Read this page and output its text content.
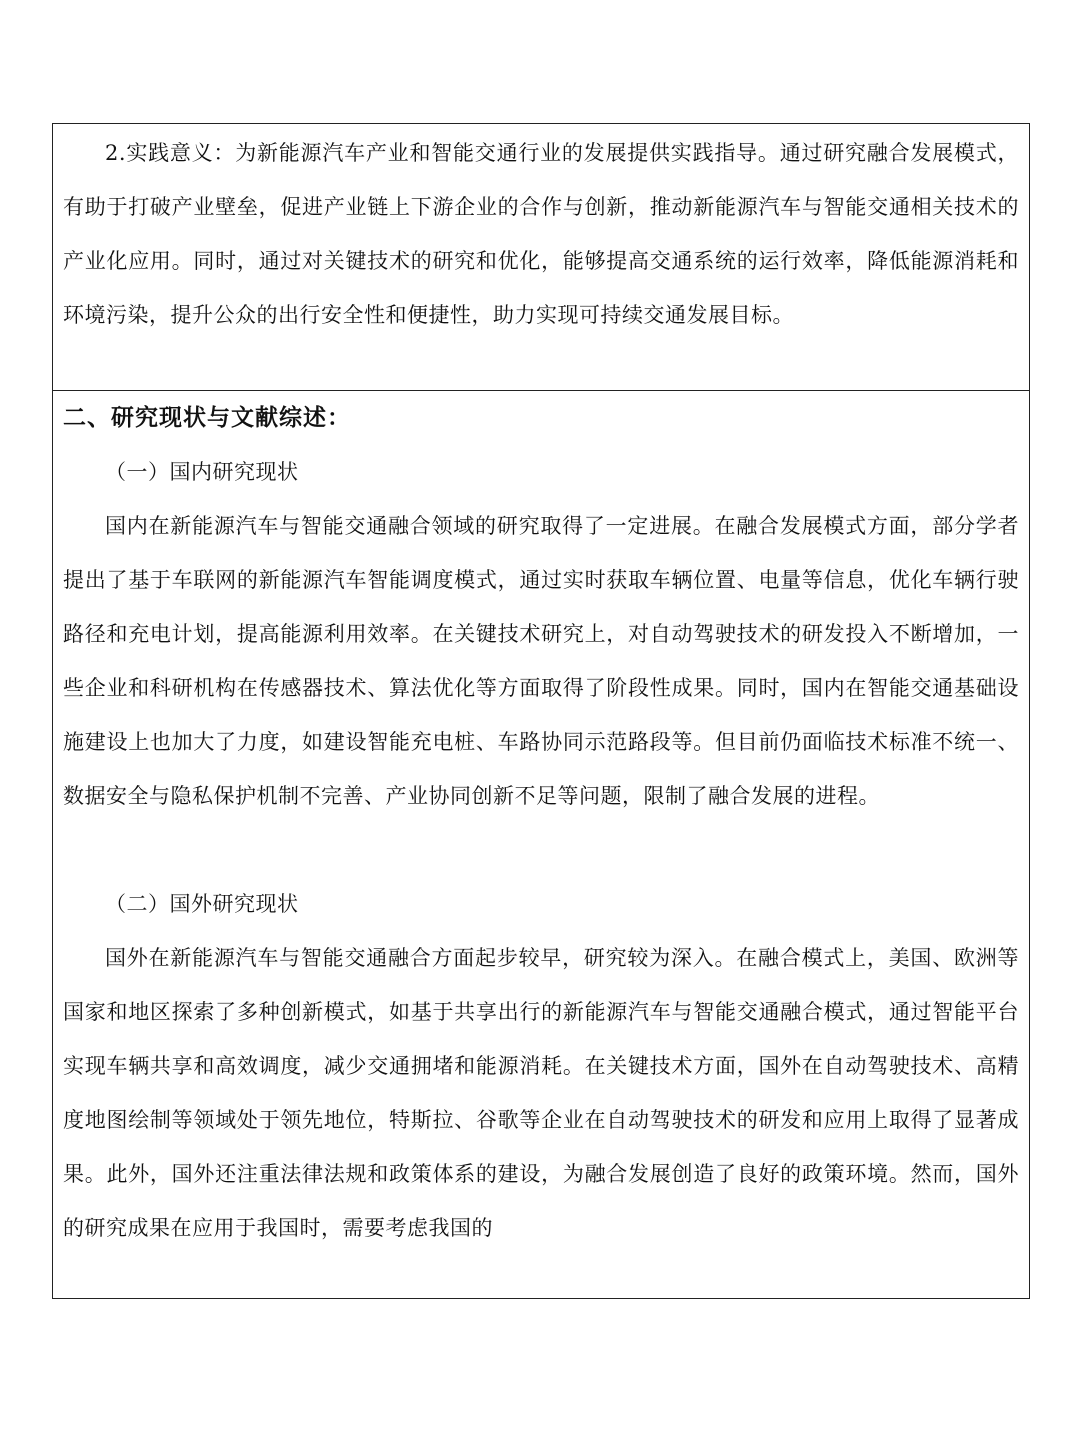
2.实践意义：为新能源汽车产业和智能交通行业的发展提供实践指导。通过研究融合发展模式，有助于打破产业壁垒，促进产业链上下游企业的合作与创新，推动新能源汽车与智能交通相关技术的产业化应用。同时，通过对关键技术的研究和优化，能够提高交通系统的运行效率，降低能源消耗和环境污染，提升公众的出行安全性和便捷性，助力实现可持续交通发展目标。

二、研究现状与文献综述：

（一）国内研究现状

国内在新能源汽车与智能交通融合领域的研究取得了一定进展。在融合发展模式方面，部分学者提出了基于车联网的新能源汽车智能调度模式，通过实时获取车辆位置、电量等信息，优化车辆行驶路径和充电计划，提高能源利用效率。在关键技术研究上，对自动驾驶技术的研发投入不断增加，一些企业和科研机构在传感器技术、算法优化等方面取得了阶段性成果。同时，国内在智能交通基础设施建设上也加大了力度，如建设智能充电桩、车路协同示范路段等。但目前仍面临技术标准不统一、数据安全与隐私保护机制不完善、产业协同创新不足等问题，限制了融合发展的进程。

（二）国外研究现状

国外在新能源汽车与智能交通融合方面起步较早，研究较为深入。在融合模式上，美国、欧洲等国家和地区探索了多种创新模式，如基于共享出行的新能源汽车与智能交通融合模式，通过智能平台实现车辆共享和高效调度，减少交通拥堵和能源消耗。在关键技术方面，国外在自动驾驶技术、高精度地图绘制等领域处于领先地位，特斯拉、谷歌等企业在自动驾驶技术的研发和应用上取得了显著成果。此外，国外还注重法律法规和政策体系的建设，为融合发展创造了良好的政策环境。然而，国外的研究成果在应用于我国时，需要考虑我国的
